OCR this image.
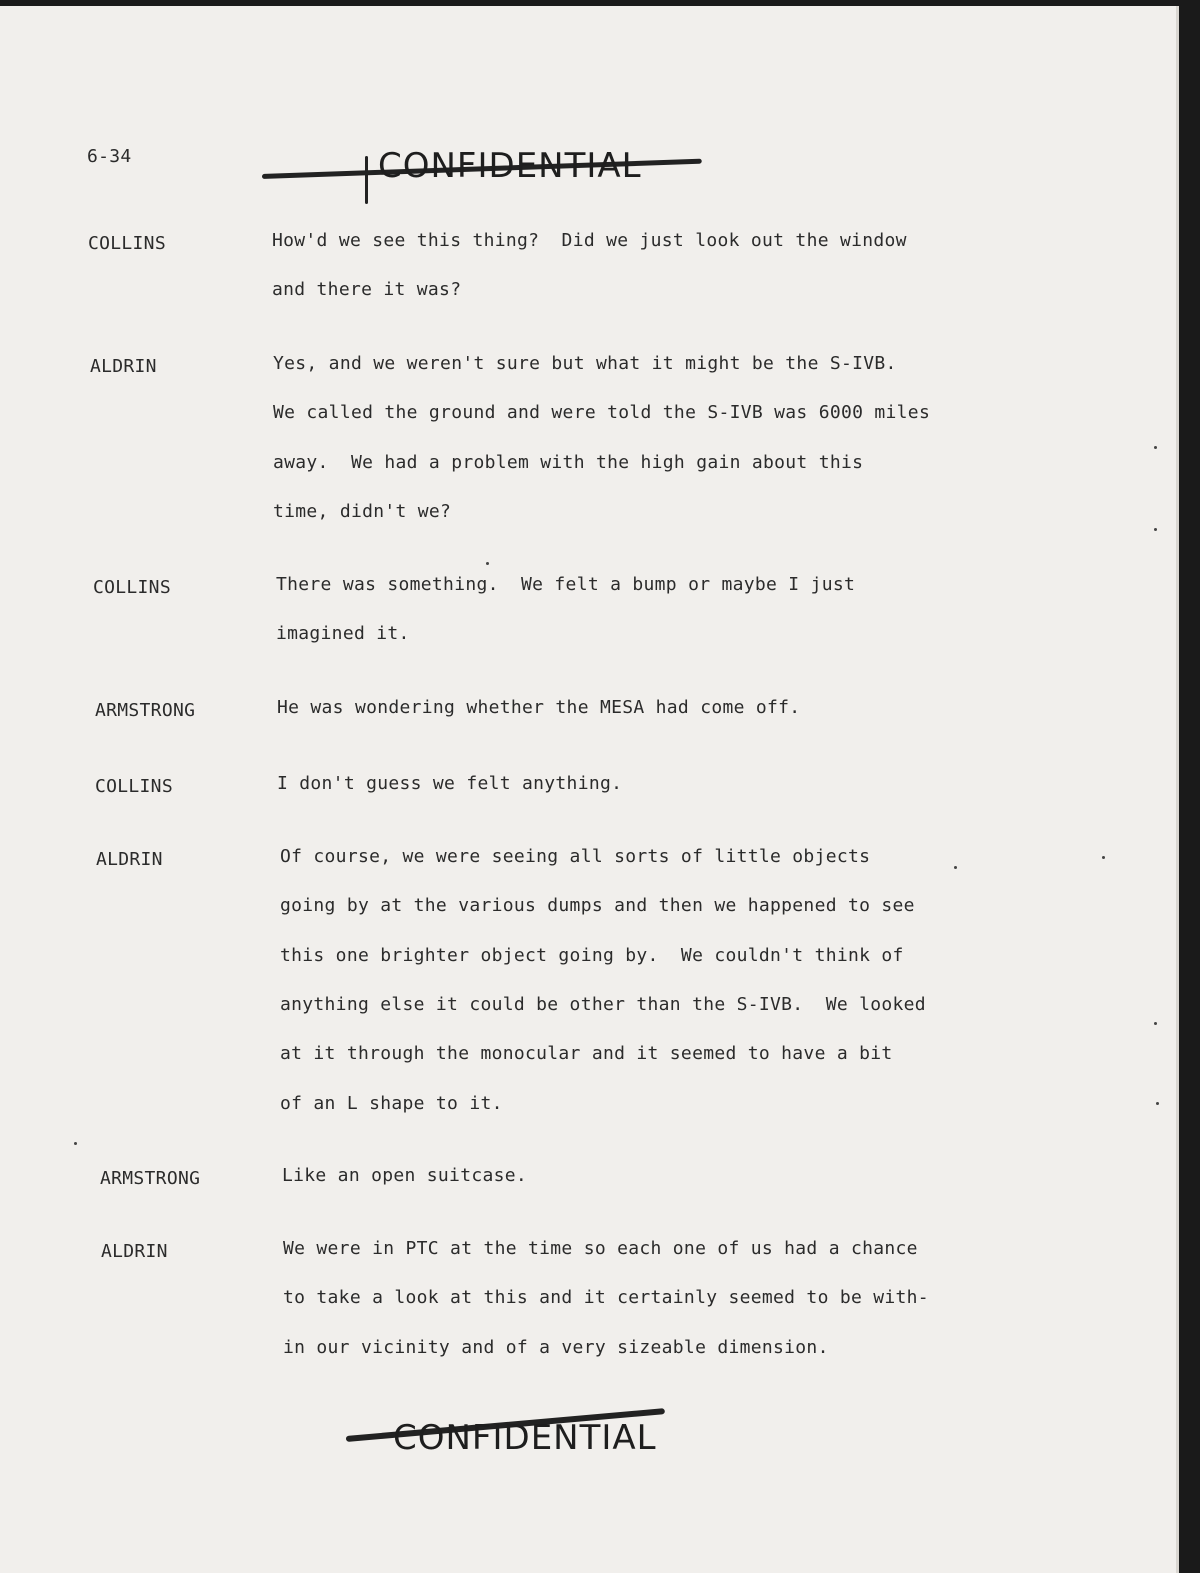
6-34	CONFIDENTIAL
COLLINS	How'd we see this thing?  Did we just look out the window
and there it was?
ALDRIN	Yes, and we weren't sure but what it might be the S-IVB.
We called the ground and were told the S-IVB was 6000 miles
away.  We had a problem with the high gain about this
time, didn't we?
COLLINS	There was something.  We felt a bump or maybe I just
imagined it.
ARMSTRONG	He was wondering whether the MESA had come off.
COLLINS	I don't guess we felt anything.
ALDRIN	Of course, we were seeing all sorts of little objects
going by at the various dumps and then we happened to see
this one brighter object going by.  We couldn't think of
anything else it could be other than the S-IVB.  We looked
at it through the monocular and it seemed to have a bit
of an L shape to it.
ARMSTRONG	Like an open suitcase.
ALDRIN	We were in PTC at the time so each one of us had a chance
to take a look at this and it certainly seemed to be with-
in our vicinity and of a very sizeable dimension.
CONFIDENTIAL
